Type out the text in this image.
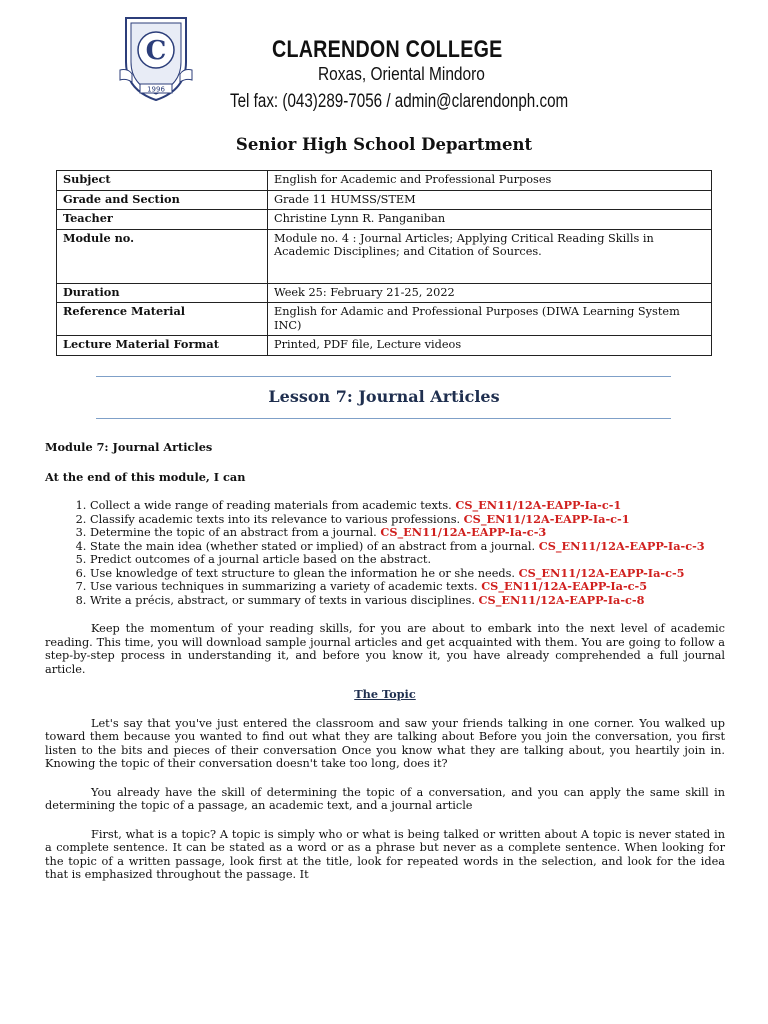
C
1996
CLARENDON COLLEGE
Roxas, Oriental Mindoro
Tel fax: (043)289-7056 / admin@clarendonph.com
Senior High School Department
Subject	English for Academic and Professional Purposes
Grade and Section	Grade 11 HUMSS/STEM
Teacher	Christine Lynn R. Panganiban
Module no.	Module no. 4 : Journal Articles; Applying Critical Reading Skills in Academic Disciplines; and Citation of Sources.
Duration	Week 25: February 21-25, 2022
Reference Material	English for Adamic and Professional Purposes (DIWA Learning System INC)
Lecture Material Format	Printed, PDF file, Lecture videos
Lesson 7: Journal Articles

Module 7: Journal Articles

At the end of this module, I can

1. Collect a wide range of reading materials from academic texts. CS_EN11/12A-EAPP-Ia-c-1
2. Classify academic texts into its relevance to various professions. CS_EN11/12A-EAPP-Ia-c-1
3. Determine the topic of an abstract from a journal. CS_EN11/12A-EAPP-Ia-c-3
4. State the main idea (whether stated or implied) of an abstract from a journal. CS_EN11/12A-EAPP-Ia-c-3
5. Predict outcomes of a journal article based on the abstract.
6. Use knowledge of text structure to glean the information he or she needs. CS_EN11/12A-EAPP-Ia-c-5
7. Use various techniques in summarizing a variety of academic texts. CS_EN11/12A-EAPP-Ia-c-5
8. Write a précis, abstract, or summary of texts in various disciplines. CS_EN11/12A-EAPP-Ia-c-8

Keep the momentum of your reading skills, for you are about to embark into the next level of academic reading. This time, you will download sample journal articles and get acquainted with them. You are going to follow a step-by-step process in understanding it, and before you know it, you have already comprehended a full journal article.

The Topic

Let's say that you've just entered the classroom and saw your friends talking in one corner. You walked up toward them because you wanted to find out what they are talking about Before you join the conversation, you first listen to the bits and pieces of their conversation Once you know what they are talking about, you heartily join in. Knowing the topic of their conversation doesn't take too long, does it?

You already have the skill of determining the topic of a conversation, and you can apply the same skill in determining the topic of a passage, an academic text, and a journal article

First, what is a topic? A topic is simply who or what is being talked or written about A topic is never stated in a complete sentence. It can be stated as a word or as a phrase but never as a complete sentence. When looking for the topic of a written passage, look first at the title, look for repeated words in the selection, and look for the idea that is emphasized throughout the passage. It
